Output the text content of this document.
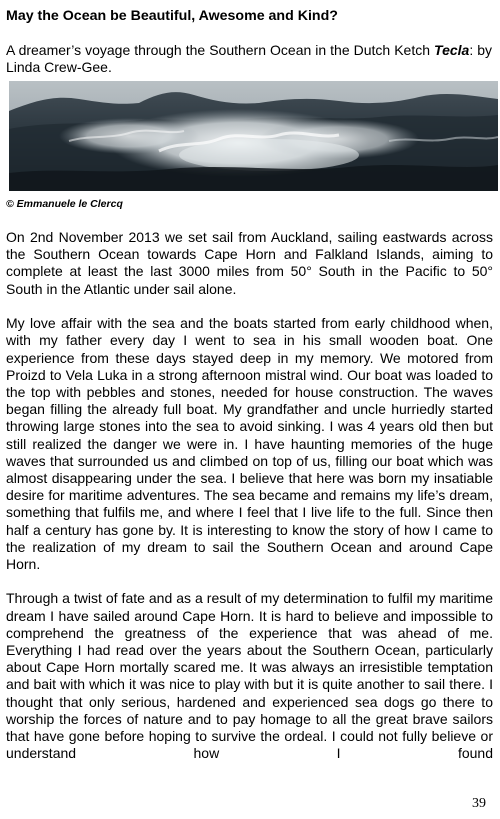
May the Ocean be Beautiful, Awesome and Kind?
A dreamer’s voyage through the Southern Ocean in the Dutch Ketch Tecla: by Linda Crew-Gee.
© Emmanuele le Clercq

On 2nd November 2013 we set sail from Auckland, sailing eastwards across the Southern Ocean towards Cape Horn and Falkland Islands, aiming to complete at least the last 3000 miles from 50° South in the Pacific to 50° South in the Atlantic under sail alone.

My love affair with the sea and the boats started from early childhood when, with my father every day I went to sea in his small wooden boat. One experience from these days stayed deep in my memory. We motored from Proizd to Vela Luka in a strong afternoon mistral wind. Our boat was loaded to the top with pebbles and stones, needed for house construction. The waves began filling the already full boat. My grandfather and uncle hurriedly started throwing large stones into the sea to avoid sinking. I was 4 years old then but still realized the danger we were in. I have haunting memories of the huge waves that surrounded us and climbed on top of us, filling our boat which was almost disappearing under the sea. I believe that here was born my insatiable desire for maritime adventures. The sea became and remains my life’s dream, something that fulfils me, and where I feel that I live life to the full. Since then half a century has gone by. It is interesting to know the story of how I came to the realization of my dream to sail the Southern Ocean and around Cape Horn.

Through a twist of fate and as a result of my determination to fulfil my maritime dream I have sailed around Cape Horn. It is hard to believe and impossible to comprehend the greatness of the experience that was ahead of me. Everything I had read over the years about the Southern Ocean, particularly about Cape Horn mortally scared me. It was always an irresistible temptation and bait with which it was nice to play with but it is quite another to sail there. I thought that only serious, hardened and experienced sea dogs go there to worship the forces of nature and to pay homage to all the great brave sailors that have gone before hoping to survive the ordeal. I could not fully believe or understand how I found

39
